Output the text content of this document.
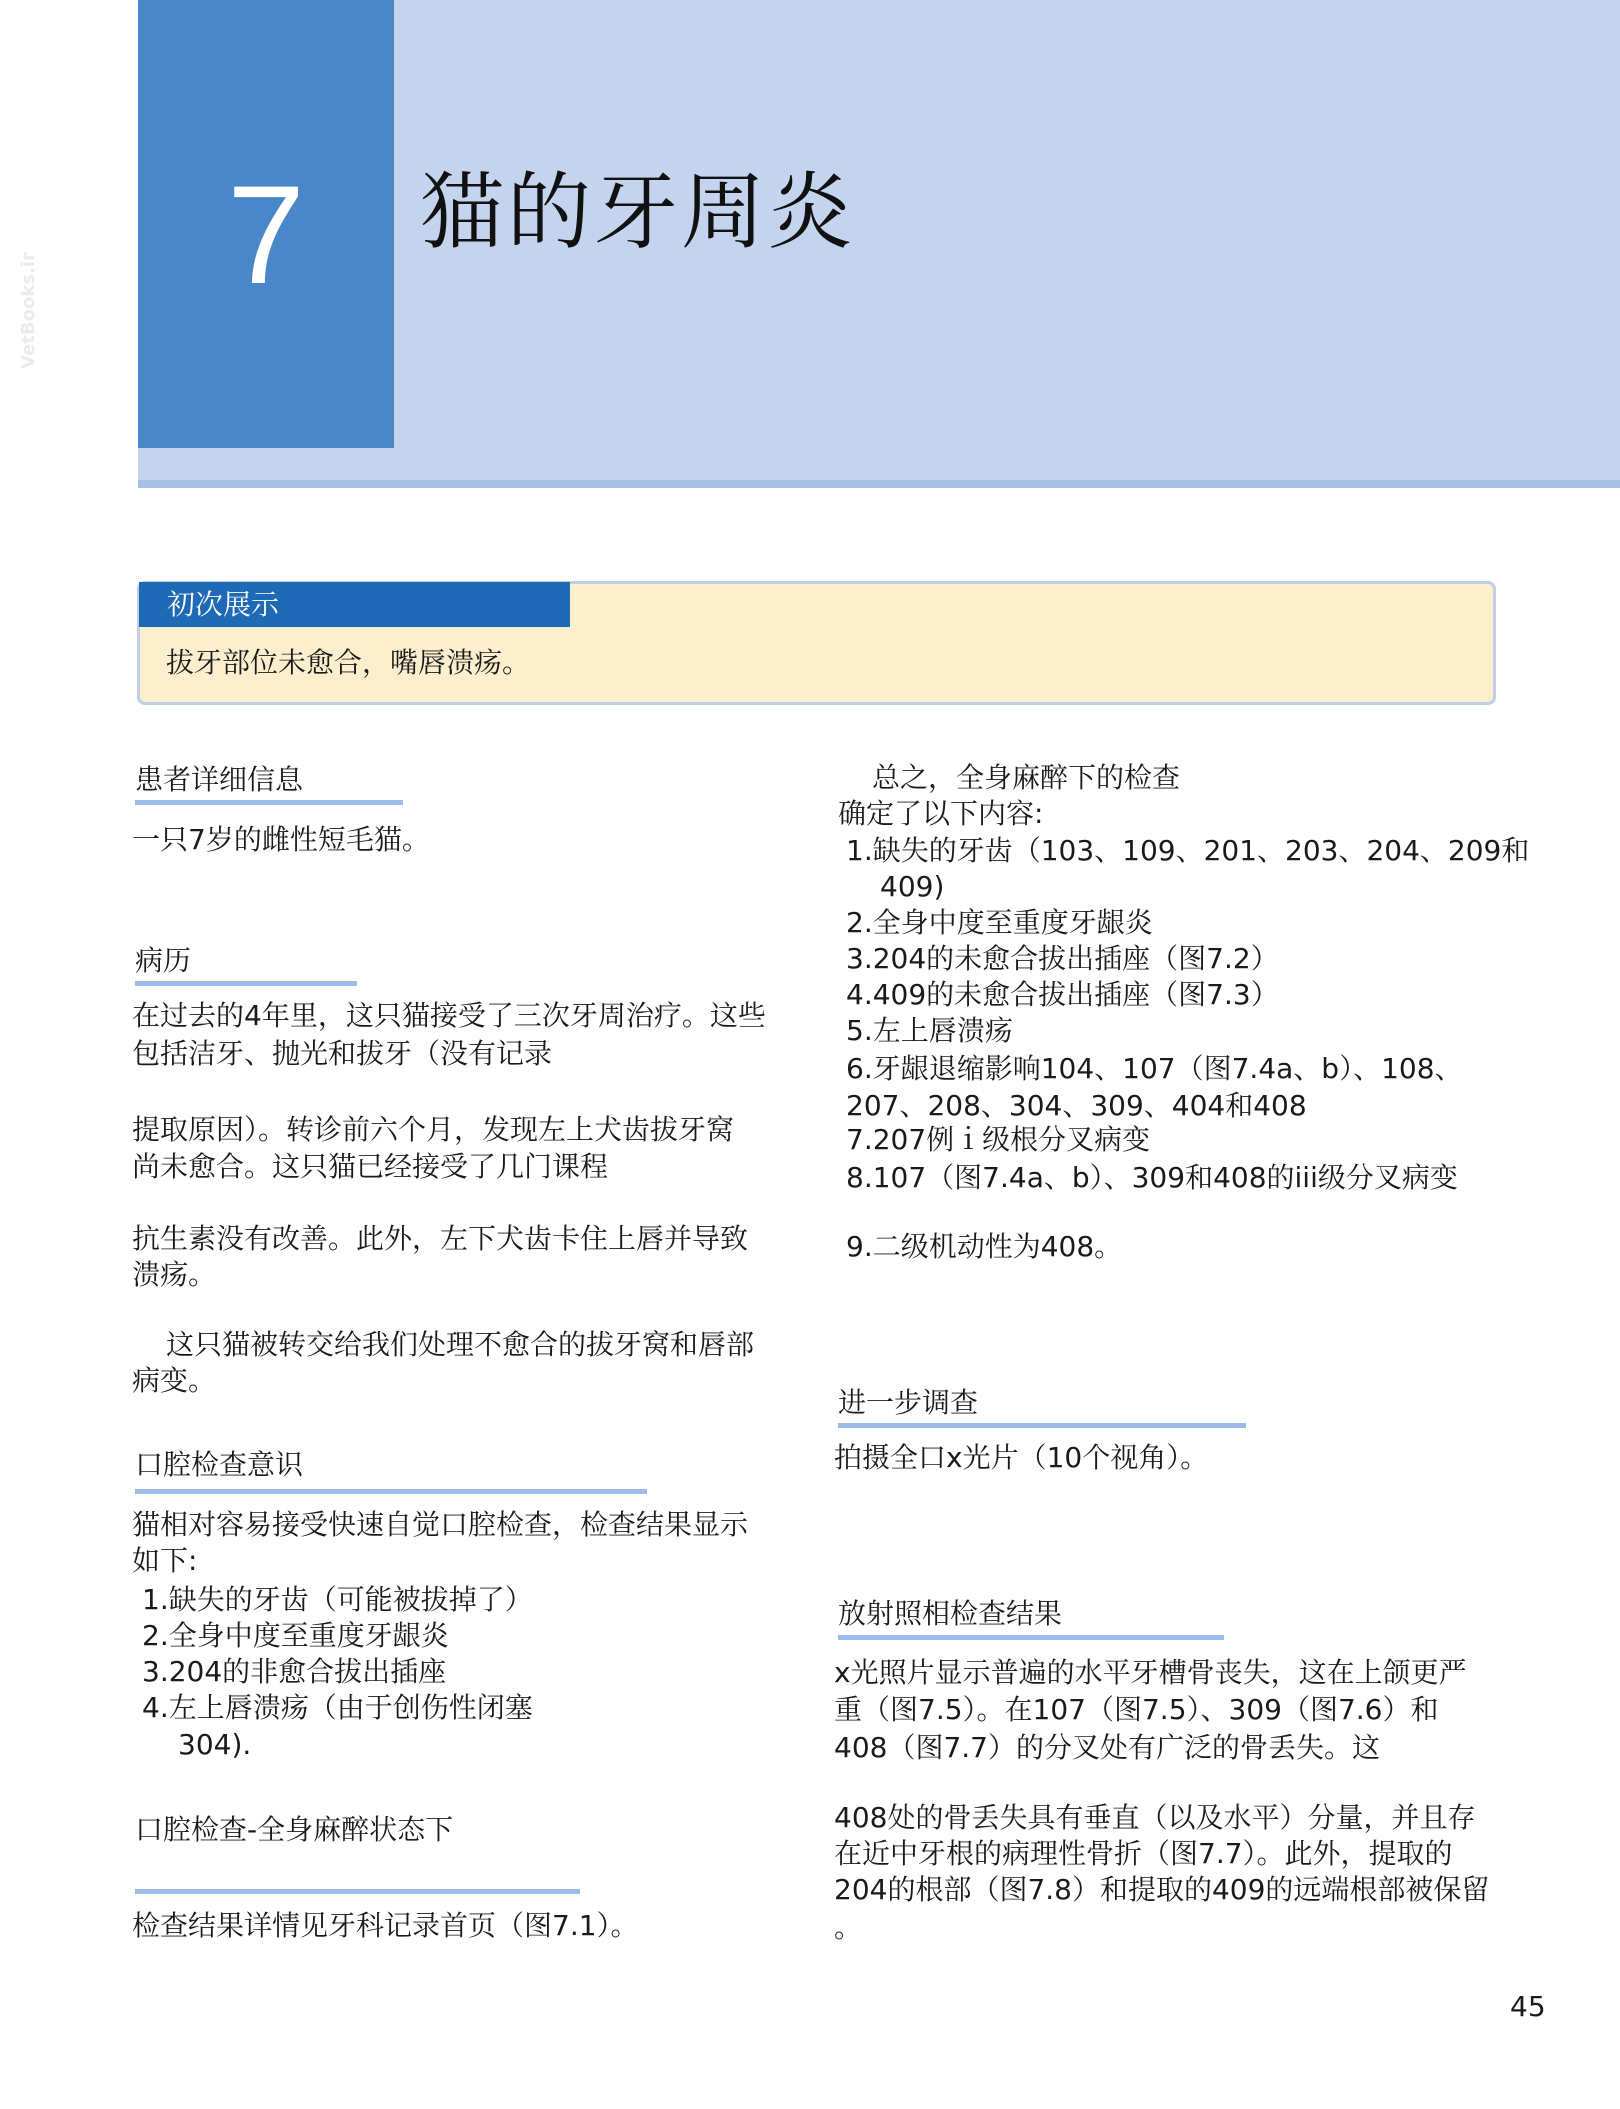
7	猫的牙周炎
VetBooks.ir
初次展示
拔牙部位未愈合，嘴唇溃疡。
患者详细信息
一只7岁的雌性短毛猫。
病历
在过去的4年里，这只猫接受了三次牙周治疗。这些
包括洁牙、抛光和拔牙（没有记录
提取原因）。转诊前六个月，发现左上犬齿拔牙窝
尚未愈合。这只猫已经接受了几门课程
抗生素没有改善。此外，左下犬齿卡住上唇并导致
溃疡。
这只猫被转交给我们处理不愈合的拔牙窝和唇部
病变。
口腔检查意识
猫相对容易接受快速自觉口腔检查，检查结果显示
如下:
1.缺失的牙齿（可能被拔掉了）
2.全身中度至重度牙龈炎
3.204的非愈合拔出插座
4.左上唇溃疡（由于创伤性闭塞
304).
口腔检查-全身麻醉状态下
检查结果详情见牙科记录首页（图7.1）。
总之，全身麻醉下的检查
确定了以下内容:
1.缺失的牙齿（103、109、201、203、204、209和
409)
2.全身中度至重度牙龈炎
3.204的未愈合拔出插座（图7.2）
4.409的未愈合拔出插座（图7.3）
5.左上唇溃疡
6.牙龈退缩影响104、107（图7.4a、b）、108、
207、208、304、309、404和408
7.207例ｉ级根分叉病变
8.107（图7.4a、b）、309和408的iii级分叉病变
9.二级机动性为408。
进一步调查
拍摄全口x光片（10个视角）。
放射照相检查结果
x光照片显示普遍的水平牙槽骨丧失，这在上颌更严
重（图7.5）。在107（图7.5）、309（图7.6）和
408（图7.7）的分叉处有广泛的骨丢失。这
408处的骨丢失具有垂直（以及水平）分量，并且存
在近中牙根的病理性骨折（图7.7）。此外，提取的
204的根部（图7.8）和提取的409的远端根部被保留
。
45
